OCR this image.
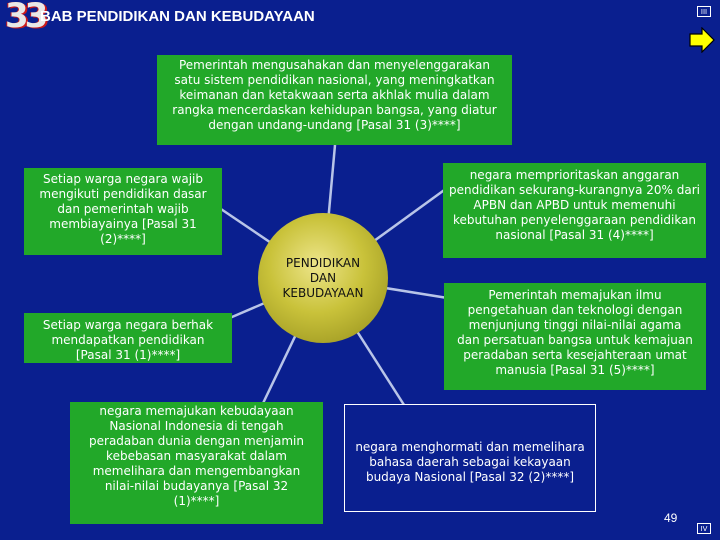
33
BAB PENDIDIKAN DAN KEBUDAYAAN	III
Pemerintah mengusahakan dan menyelenggarakan satu sistem pendidikan nasional, yang meningkatkan keimanan dan ketakwaan serta akhlak mulia dalam rangka mencerdaskan kehidupan bangsa, yang diatur dengan undang-undang [Pasal 31 (3)****]
Setiap warga negara wajib mengikuti pendidikan dasar dan pemerintah wajib membiayainya [Pasal 31 (2)****]
Setiap warga negara berhak mendapatkan pendidikan [Pasal 31 (1)****]
negara memajukan kebudayaan Nasional Indonesia di tengah peradaban dunia dengan menjamin kebebasan masyarakat dalam memelihara dan mengembangkan nilai-nilai budayanya [Pasal 32 (1)****]
negara memprioritaskan anggaran pendidikan sekurang-kurangnya 20% dari APBN dan APBD untuk memenuhi kebutuhan penyelenggaraan pendidikan nasional [Pasal 31 (4)****]
Pemerintah memajukan ilmu pengetahuan dan teknologi dengan menjunjung tinggi nilai-nilai agama dan persatuan bangsa untuk kemajuan peradaban serta kesejahteraan umat manusia [Pasal 31 (5)****]
negara menghormati dan memelihara bahasa daerah sebagai kekayaan budaya Nasional [Pasal 32 (2)****]
PENDIDIKAN
DAN
KEBUDAYAAN
49
IV
